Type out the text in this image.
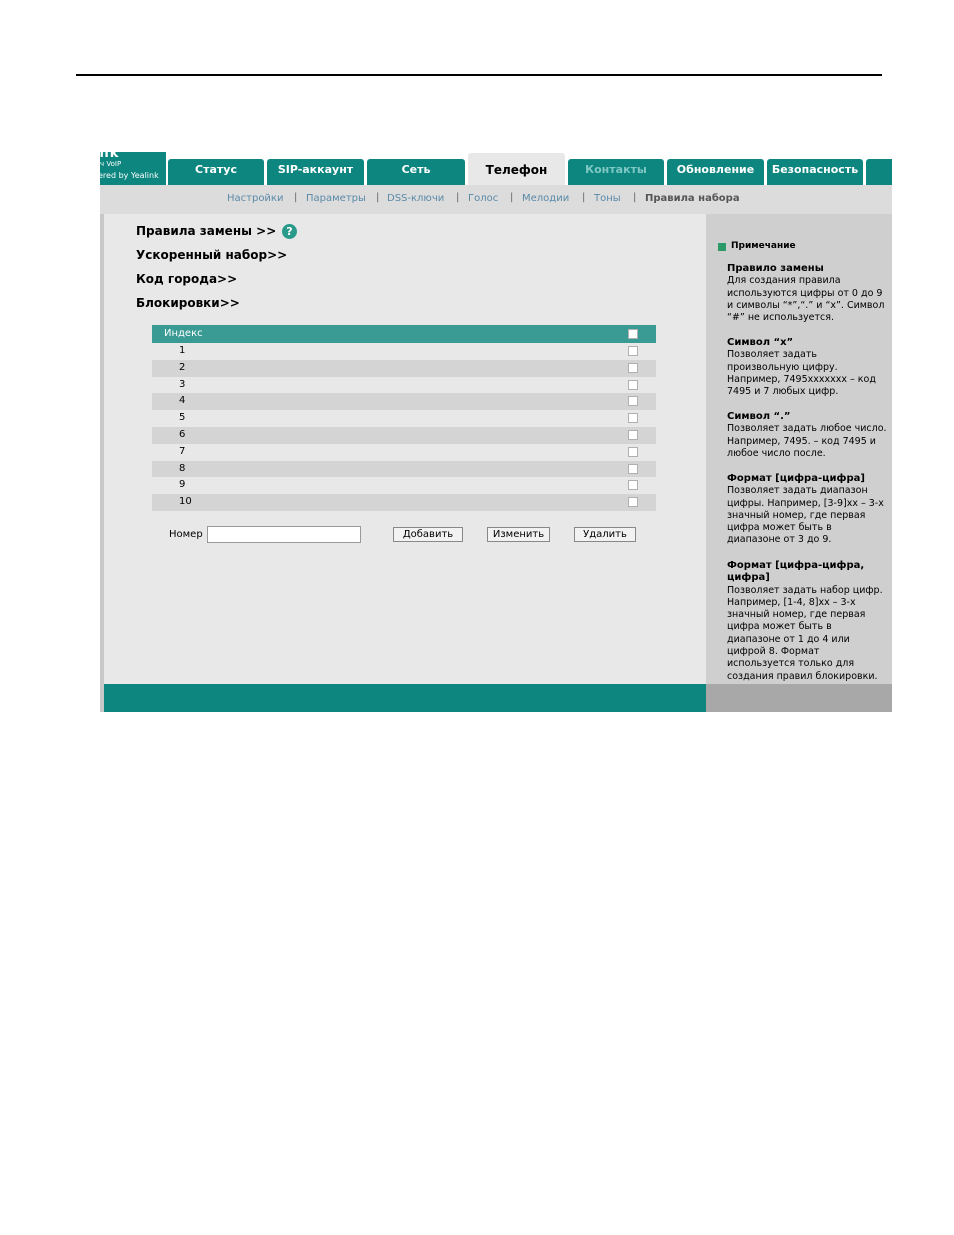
ink
ч VoIP
ered by Yealink	Статус	SIP-аккаунт	Сеть	Телефон	Контакты	Обновление	Безопасность
Настройки | Параметры | DSS-ключи | Голос | Мелодии | Тоны | Правила набора
Правила замены >> ?
Ускоренный набор>>
Код города>>
Блокировки>>
Индекс
1
2
3
4
5
6
7
8
9
10
Номер	Добавить	Изменить	Удалить
Примечание
Правило замены
Для создания правила используются цифры от 0 до 9 и символы “*”,“.” и “x”. Символ “#” не используется.
Символ “x”
Позволяет задать произвольную цифру. Например, 7495xxxxxxx – код 7495 и 7 любых цифр.
Символ “.”
Позволяет задать любое число. Например, 7495. – код 7495 и любое число после.
Формат [цифра-цифра]
Позволяет задать диапазон цифры. Например, [3-9]xx – 3-х значный номер, где первая цифра может быть в диапазоне от 3 до 9.
Формат [цифра-цифра, цифра]
Позволяет задать набор цифр. Например, [1-4, 8]xx – 3-х значный номер, где первая цифра может быть в диапазоне от 1 до 4 или цифрой 8. Формат используется только для создания правил блокировки.
